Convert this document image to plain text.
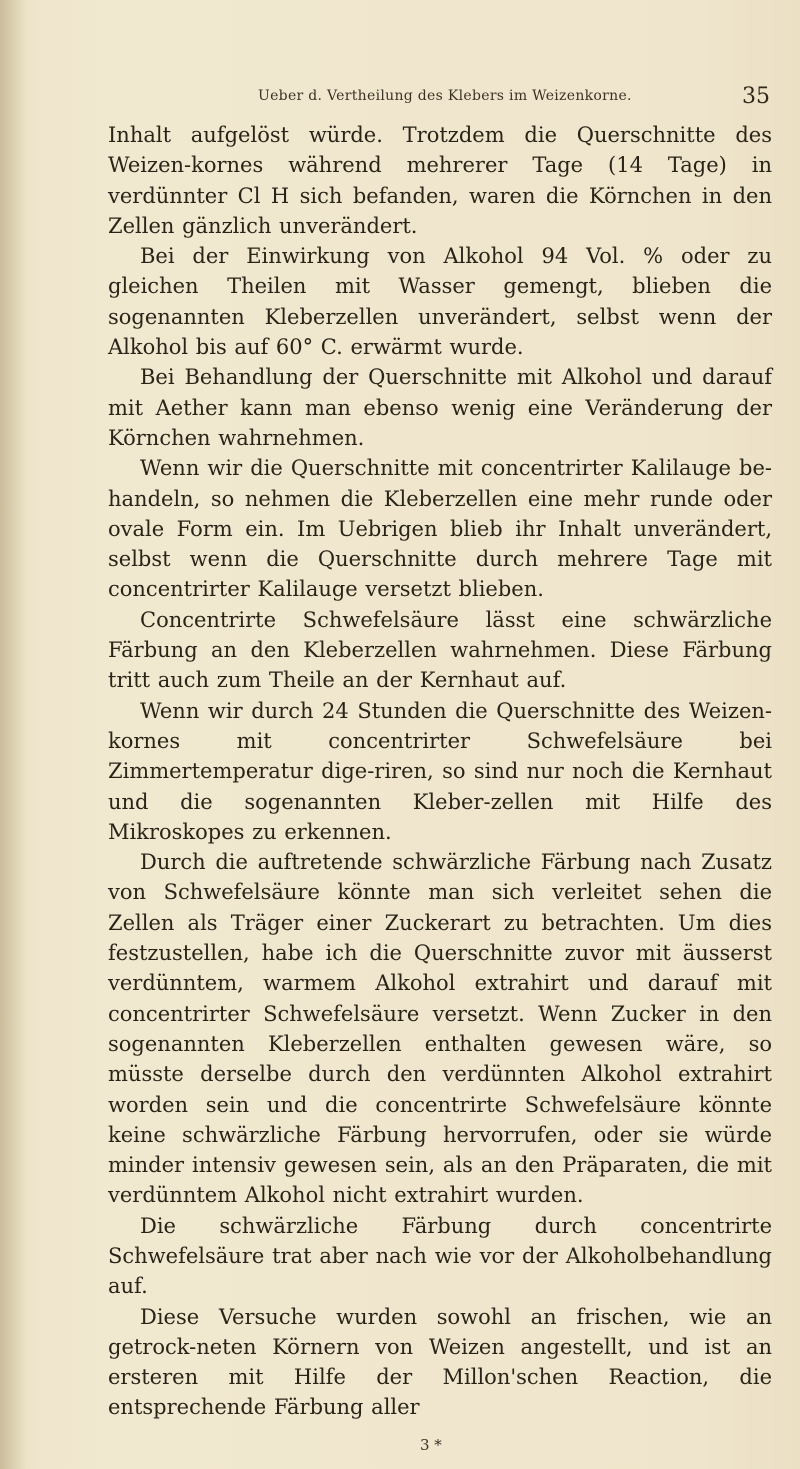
Ueber d. Vertheilung des Klebers im Weizenkorne.	35

Inhalt aufgelöst würde. Trotzdem die Querschnitte des Weizen-kornes während mehrerer Tage (14 Tage) in verdünnter Cl H sich befanden, waren die Körnchen in den Zellen gänzlich unverändert.

Bei der Einwirkung von Alkohol 94 Vol. % oder zu gleichen Theilen mit Wasser gemengt, blieben die sogenannten Kleberzellen unverändert, selbst wenn der Alkohol bis auf 60° C. erwärmt wurde.

Bei Behandlung der Querschnitte mit Alkohol und darauf mit Aether kann man ebenso wenig eine Veränderung der Körnchen wahrnehmen.

Wenn wir die Querschnitte mit concentrirter Kalilauge be-handeln, so nehmen die Kleberzellen eine mehr runde oder ovale Form ein. Im Uebrigen blieb ihr Inhalt unverändert, selbst wenn die Querschnitte durch mehrere Tage mit concentrirter Kalilauge versetzt blieben.

Concentrirte Schwefelsäure lässt eine schwärzliche Färbung an den Kleberzellen wahrnehmen. Diese Färbung tritt auch zum Theile an der Kernhaut auf.

Wenn wir durch 24 Stunden die Querschnitte des Weizen-kornes mit concentrirter Schwefelsäure bei Zimmertemperatur dige-riren, so sind nur noch die Kernhaut und die sogenannten Kleber-zellen mit Hilfe des Mikroskopes zu erkennen.

Durch die auftretende schwärzliche Färbung nach Zusatz von Schwefelsäure könnte man sich verleitet sehen die Zellen als Träger einer Zuckerart zu betrachten. Um dies festzustellen, habe ich die Querschnitte zuvor mit äusserst verdünntem, warmem Alkohol extrahirt und darauf mit concentrirter Schwefelsäure versetzt. Wenn Zucker in den sogenannten Kleberzellen enthalten gewesen wäre, so müsste derselbe durch den verdünnten Alkohol extrahirt worden sein und die concentrirte Schwefelsäure könnte keine schwärzliche Färbung hervorrufen, oder sie würde minder intensiv gewesen sein, als an den Präparaten, die mit verdünntem Alkohol nicht extrahirt wurden.

Die schwärzliche Färbung durch concentrirte Schwefelsäure trat aber nach wie vor der Alkoholbehandlung auf.

Diese Versuche wurden sowohl an frischen, wie an getrock-neten Körnern von Weizen angestellt, und ist an ersteren mit Hilfe der Millon'schen Reaction, die entsprechende Färbung aller

3 *
